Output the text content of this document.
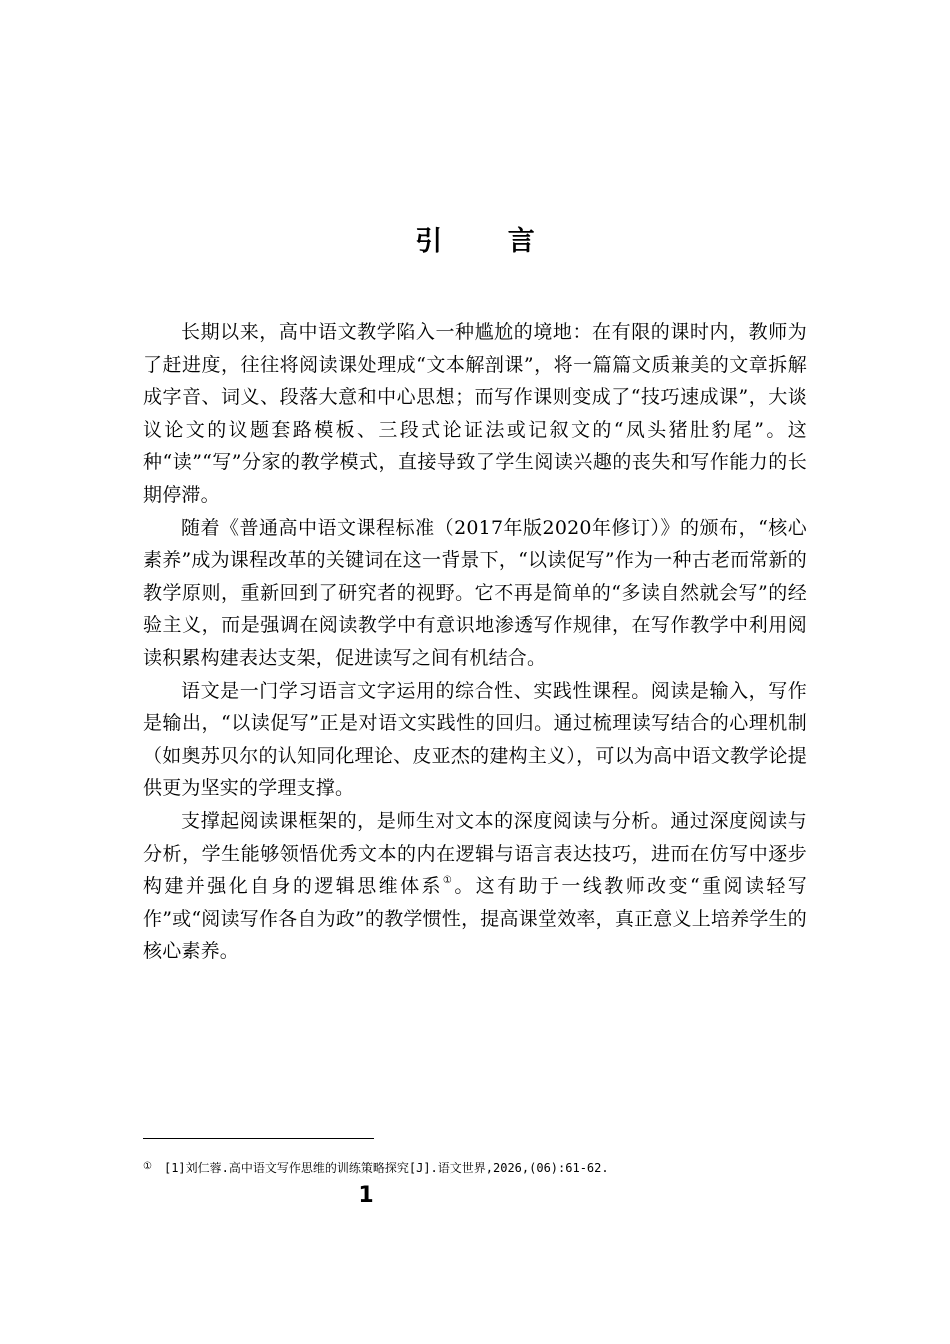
引 言

长期以来，高中语文教学陷入一种尴尬的境地：在有限的课时内，教师为了赶进度，往往将阅读课处理成“文本解剖课”，将一篇篇文质兼美的文章拆解成字音、词义、段落大意和中心思想；而写作课则变成了“技巧速成课”，大谈议论文的议题套路模板、三段式论证法或记叙文的“凤头猪肚豹尾”。这种“读”“写”分家的教学模式，直接导致了学生阅读兴趣的丧失和写作能力的长期停滞。

随着《普通高中语文课程标准（2017年版2020年修订）》的颁布，“核心素养”成为课程改革的关键词在这一背景下，“以读促写”作为一种古老而常新的教学原则，重新回到了研究者的视野。它不再是简单的“多读自然就会写”的经验主义，而是强调在阅读教学中有意识地渗透写作规律，在写作教学中利用阅读积累构建表达支架，促进读写之间有机结合。

语文是一门学习语言文字运用的综合性、实践性课程。阅读是输入，写作是输出，“以读促写”正是对语文实践性的回归。通过梳理读写结合的心理机制（如奥苏贝尔的认知同化理论、皮亚杰的建构主义），可以为高中语文教学论提供更为坚实的学理支撑。

支撑起阅读课框架的，是师生对文本的深度阅读与分析。通过深度阅读与分析，学生能够领悟优秀文本的内在逻辑与语言表达技巧，进而在仿写中逐步构建并强化自身的逻辑思维体系①。这有助于一线教师改变“重阅读轻写作”或“阅读写作各自为政”的教学惯性，提高课堂效率，真正意义上培养学生的核心素养。

① [1]刘仁蓉.高中语文写作思维的训练策略探究[J].语文世界,2026,(06):61-62.
1
